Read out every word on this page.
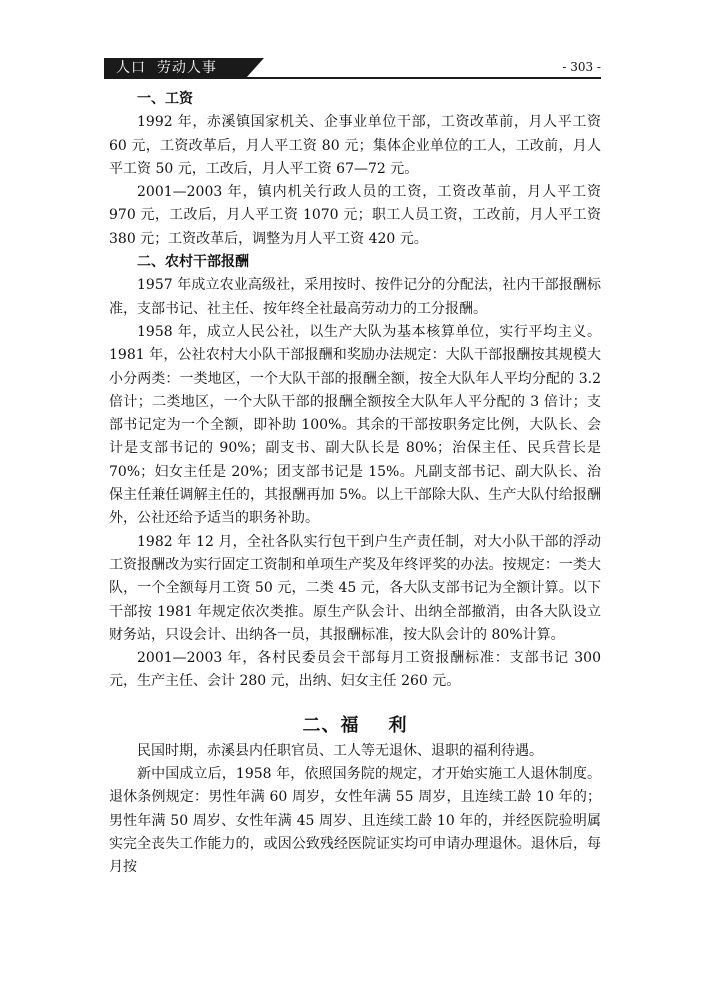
人口  劳动人事	- 303 -
一、工资

1992 年，赤溪镇国家机关、企事业单位干部，工资改革前，月人平工资 60 元，工资改革后，月人平工资 80 元；集体企业单位的工人，工改前，月人平工资 50 元，工改后，月人平工资 67—72 元。

2001—2003 年，镇内机关行政人员的工资，工资改革前，月人平工资 970 元，工改后，月人平工资 1070 元；职工人员工资，工改前，月人平工资 380 元；工资改革后，调整为月人平工资 420 元。

二、农村干部报酬

1957 年成立农业高级社，采用按时、按件记分的分配法，社内干部报酬标准，支部书记、社主任、按年终全社最高劳动力的工分报酬。

1958 年，成立人民公社，以生产大队为基本核算单位，实行平均主义。1981 年，公社农村大小队干部报酬和奖励办法规定：大队干部报酬按其规模大小分两类：一类地区，一个大队干部的报酬全额，按全大队年人平均分配的 3.2 倍计；二类地区，一个大队干部的报酬全额按全大队年人平分配的 3 倍计；支部书记定为一个全额，即补助 100%。其余的干部按职务定比例，大队长、会计是支部书记的 90%；副支书、副大队长是 80%；治保主任、民兵营长是 70%；妇女主任是 20%；团支部书记是 15%。凡副支部书记、副大队长、治保主任兼任调解主任的，其报酬再加 5%。以上干部除大队、生产大队付给报酬外，公社还给予适当的职务补助。

1982 年 12 月，全社各队实行包干到户生产责任制，对大小队干部的浮动工资报酬改为实行固定工资制和单项生产奖及年终评奖的办法。按规定：一类大队，一个全额每月工资 50 元，二类 45 元，各大队支部书记为全额计算。以下干部按 1981 年规定依次类推。原生产队会计、出纳全部撤消，由各大队设立财务站，只设会计、出纳各一员，其报酬标准，按大队会计的 80%计算。

2001—2003 年，各村民委员会干部每月工资报酬标准：支部书记 300 元，生产主任、会计 280 元，出纳、妇女主任 260 元。

二、福    利

民国时期，赤溪县内任职官员、工人等无退休、退职的福利待遇。

新中国成立后，1958 年，依照国务院的规定，才开始实施工人退休制度。退休条例规定：男性年满 60 周岁，女性年满 55 周岁，且连续工龄 10 年的；男性年满 50 周岁、女性年满 45 周岁、且连续工龄 10 年的，并经医院验明属实完全丧失工作能力的，或因公致残经医院证实均可申请办理退休。退休后，每月按
